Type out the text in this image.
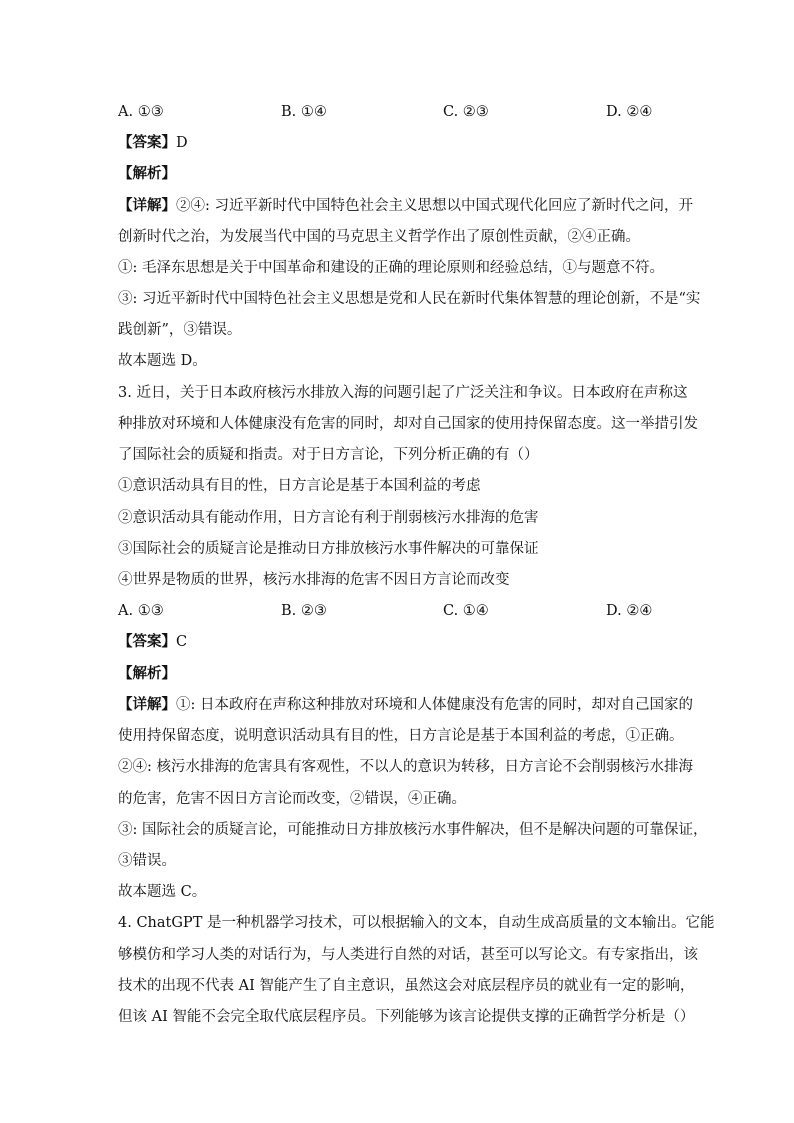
A. ①③	B. ①④	C. ②③	D. ②④
【答案】D
【解析】
【详解】②④: 习近平新时代中国特色社会主义思想以中国式现代化回应了新时代之问，开
创新时代之治，为发展当代中国的马克思主义哲学作出了原创性贡献，②④正确。
①: 毛泽东思想是关于中国革命和建设的正确的理论原则和经验总结，①与题意不符。
③: 习近平新时代中国特色社会主义思想是党和人民在新时代集体智慧的理论创新，不是“实
践创新”，③错误。
故本题选 D。
3. 近日，关于日本政府核污水排放入海的问题引起了广泛关注和争议。日本政府在声称这
种排放对环境和人体健康没有危害的同时，却对自己国家的使用持保留态度。这一举措引发
了国际社会的质疑和指责。对于日方言论，下列分析正确的有（）
①意识活动具有目的性，日方言论是基于本国利益的考虑
②意识活动具有能动作用，日方言论有利于削弱核污水排海的危害
③国际社会的质疑言论是推动日方排放核污水事件解决的可靠保证
④世界是物质的世界，核污水排海的危害不因日方言论而改变
A. ①③	B. ②③	C. ①④	D. ②④
【答案】C
【解析】
【详解】①: 日本政府在声称这种排放对环境和人体健康没有危害的同时，却对自己国家的
使用持保留态度，说明意识活动具有目的性，日方言论是基于本国利益的考虑，①正确。
②④: 核污水排海的危害具有客观性，不以人的意识为转移，日方言论不会削弱核污水排海
的危害，危害不因日方言论而改变，②错误，④正确。
③: 国际社会的质疑言论，可能推动日方排放核污水事件解决，但不是解决问题的可靠保证，
③错误。
故本题选 C。
4. ChatGPT 是一种机器学习技术，可以根据输入的文本，自动生成高质量的文本输出。它能
够模仿和学习人类的对话行为，与人类进行自然的对话，甚至可以写论文。有专家指出，该
技术的出现不代表 AI 智能产生了自主意识，虽然这会对底层程序员的就业有一定的影响，
但该 AI 智能不会完全取代底层程序员。下列能够为该言论提供支撑的正确哲学分析是（）
